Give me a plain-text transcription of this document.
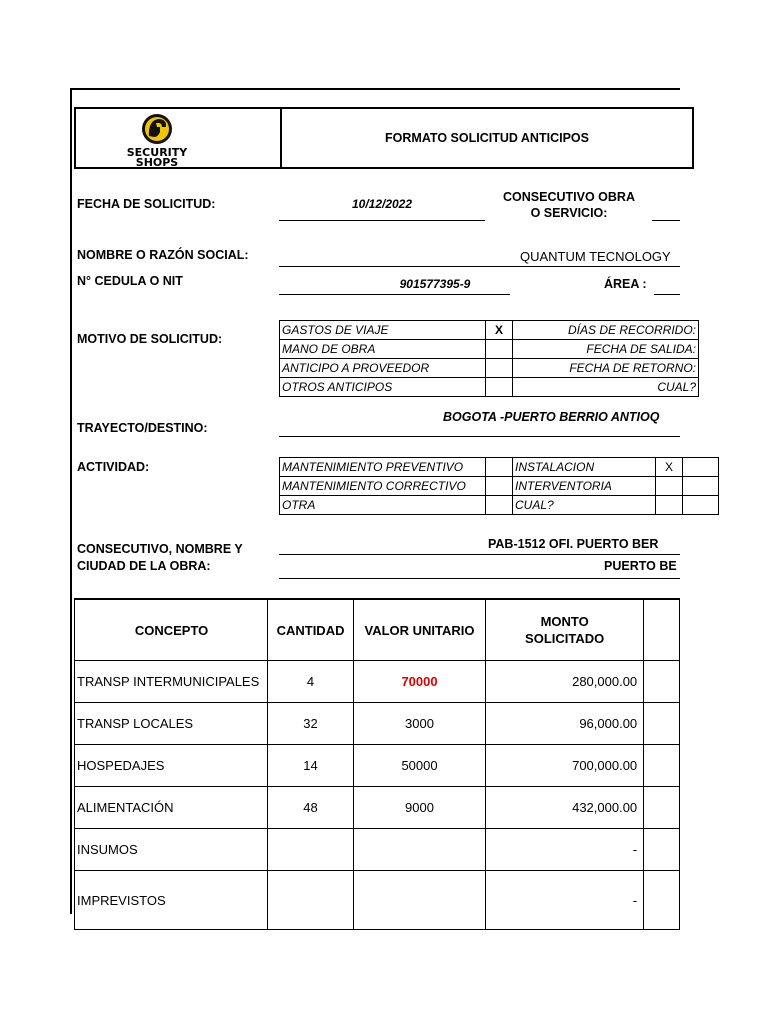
SECURITY
SHOPS
FORMATO SOLICITUD ANTICIPOS
FECHA DE SOLICITUD:	10/12/2022	CONSECUTIVO OBRA
O SERVICIO:
NOMBRE O RAZÓN SOCIAL:	QUANTUM TECNOLOGY
N° CEDULA O NIT	901577395-9	ÁREA :
MOTIVO DE SOLICITUD:
GASTOS DE VIAJE	X	DÍAS DE RECORRIDO:
MANO DE OBRA		FECHA DE SALIDA:
ANTICIPO A PROVEEDOR		FECHA DE RETORNO:
OTROS ANTICIPOS		CUAL?
TRAYECTO/DESTINO:
BOGOTA -PUERTO BERRIO ANTIOQ
ACTIVIDAD:	MANTENIMIENTO PREVENTIVO		INSTALACION	X	
MANTENIMIENTO CORRECTIVO		INTERVENTORIA		
OTRA		CUAL?		
CONSECUTIVO, NOMBRE Y
CIUDAD DE LA OBRA:
PAB-1512 OFI. PUERTO BER
PUERTO BE
CONCEPTO	CANTIDAD	VALOR UNITARIO	MONTO SOLICITADO	
TRANSP INTERMUNICIPALES	4	70000	280,000.00	
TRANSP LOCALES	32	3000	96,000.00	
HOSPEDAJES	14	50000	700,000.00	
ALIMENTACIÓN	48	9000	432,000.00	
INSUMOS			-	
IMPREVISTOS			-	
